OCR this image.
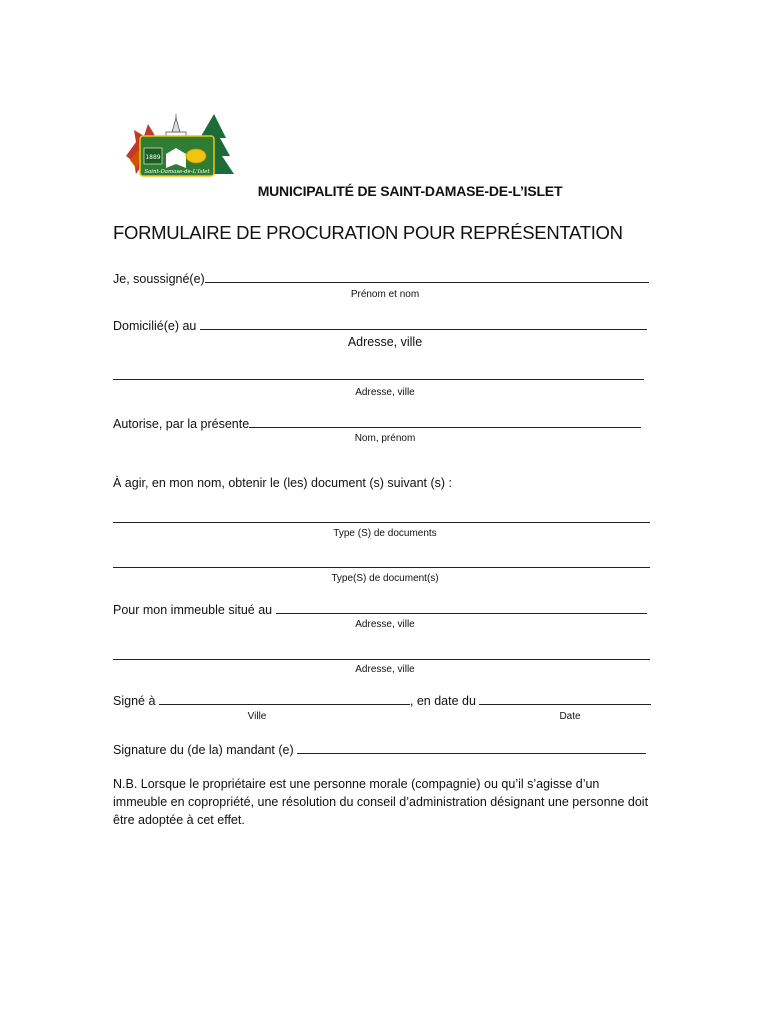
1889
Saint-Damase-de-L'Islet
MUNICIPALITÉ DE SAINT-DAMASE-DE-L’ISLET
FORMULAIRE DE PROCURATION POUR REPRÉSENTATION
Je, soussigné(e)
Prénom et nom
Domicilié(e) au
Adresse, ville
Adresse, ville
Autorise, par la présente
Nom, prénom
À agir, en mon nom, obtenir le (les) document (s) suivant (s) :
Type (S) de documents
Type(S) de document(s)
Pour mon immeuble situé au
Adresse, ville
Adresse, ville
Signé à	, en date du
Ville	Date
Signature du (de la) mandant (e)
N.B. Lorsque le propriétaire est une personne morale (compagnie) ou qu’il s’agisse d’un immeuble en copropriété, une résolution du conseil d’administration désignant une personne doit être adoptée à cet effet.
